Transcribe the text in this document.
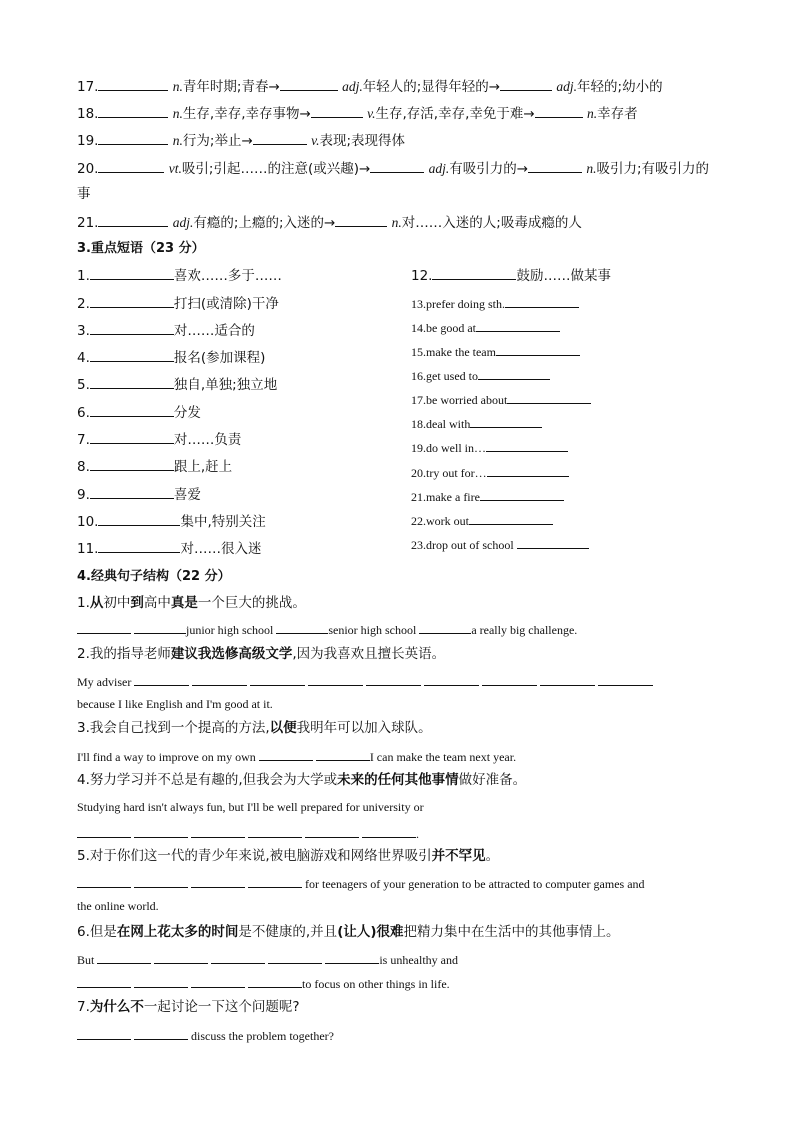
17.	n.青年时期;青春→	adj.年轻人的;显得年轻的→	adj.年轻的;幼小的
18.	n.生存,幸存,幸存事物→	v.生存,存活,幸存,幸免于难→	n.幸存者
19.	n.行为;举止→	v.表现;表现得体
20.	vt.吸引;引起……的注意(或兴趣)→	adj.有吸引力的→	n.吸引力;有吸引力的
事
21.	adj.有瘾的;上瘾的;入迷的→	n.对……入迷的人;吸毒成瘾的人
3.重点短语（23 分）
1.	喜欢……多于……
2.	打扫(或清除)干净
3.	对……适合的
4.	报名(参加课程)
5.	独自,单独;独立地
6.	分发
7.	对……负责
8.	跟上,赶上
9.	喜爱
10.	集中,特别关注
11.	对……很入迷
12.	鼓励……做某事
13.prefer doing sth.
14.be good at
15.make the team
16.get used to
17.be worried about
18.deal with
19.do well in…
20.try out for…
21.make a fire
22.work out
23.drop out of school
4.经典句子结构（22 分）
1.从初中到高中真是一个巨大的挑战。
junior high school	senior high school	a really big challenge.
2.我的指导老师建议我选修高级文学,因为我喜欢且擅长英语。
My adviser
because I like English and I'm good at it.
3.我会自己找到一个提高的方法,以便我明年可以加入球队。
I'll find a way to improve on my own	I can make the team next year.
4.努力学习并不总是有趣的,但我会为大学或未来的任何其他事情做好准备。
Studying hard isn't always fun, but I'll be well prepared for university or
.
5.对于你们这一代的青少年来说,被电脑游戏和网络世界吸引并不罕见。
for teenagers of your generation to be attracted to computer games and
the online world.
6.但是在网上花太多的时间是不健康的,并且(让人)很难把精力集中在生活中的其他事情上。
But	is unhealthy and
to focus on other things in life.
7.为什么不一起讨论一下这个问题呢?
discuss the problem together?
